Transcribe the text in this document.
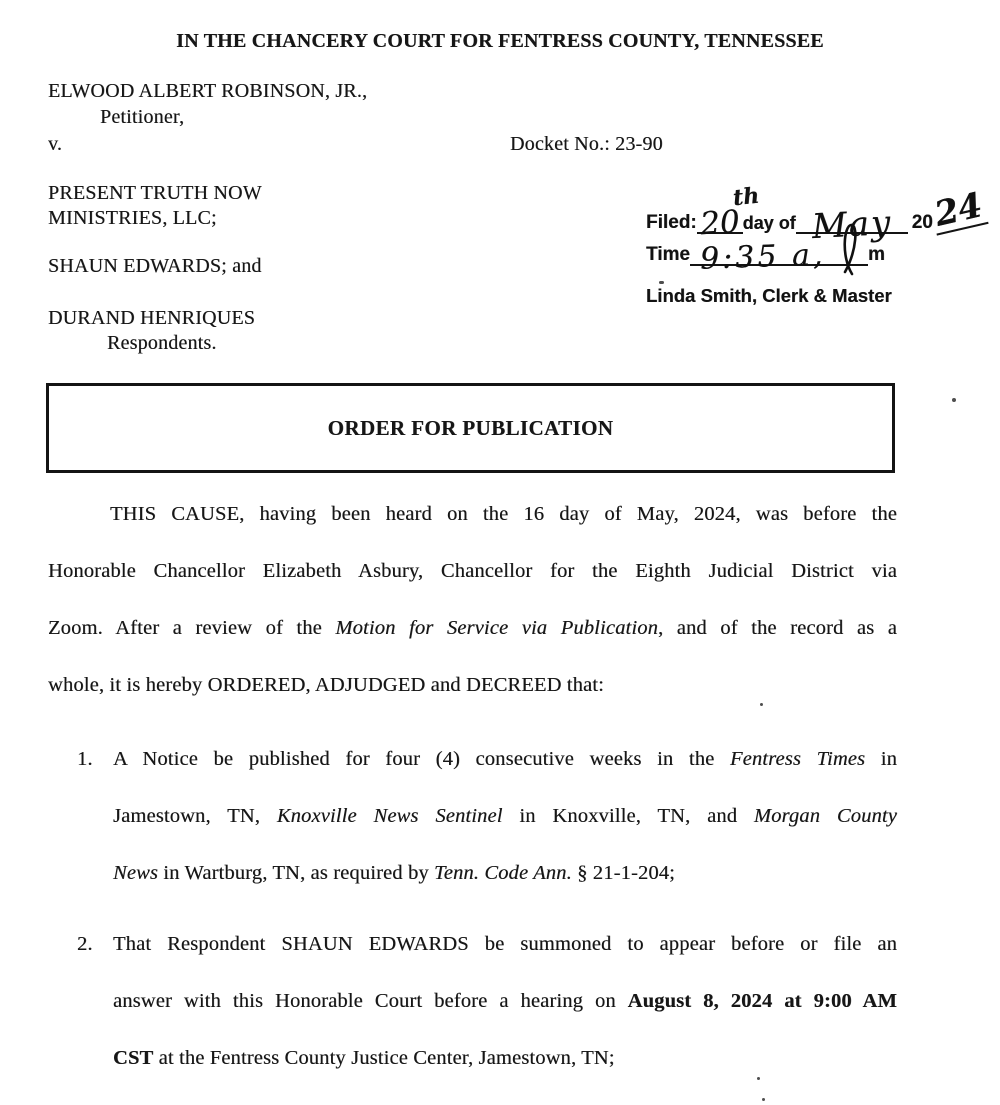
IN THE CHANCERY COURT FOR FENTRESS COUNTY, TENNESSEE
ELWOOD ALBERT ROBINSON, JR.,
Petitioner,
v.	Docket No.: 23-90
PRESENT TRUTH NOW
MINISTRIES, LLC;
SHAUN EDWARDS; and
DURAND HENRIQUES
Respondents.
Filed: 20
th
day of May 20
24
Time 9:35 a,	m
Linda Smith, Clerk & Master
ORDER FOR PUBLICATION
THIS CAUSE, having been heard on the 16 day of May, 2024, was before the
Honorable Chancellor Elizabeth Asbury, Chancellor for the Eighth Judicial District via
Zoom. After a review of the Motion for Service via Publication, and of the record as a
whole, it is hereby ORDERED, ADJUDGED and DECREED that:
1. A Notice be published for four (4) consecutive weeks in the Fentress Times in
Jamestown, TN, Knoxville News Sentinel in Knoxville, TN, and Morgan County
News in Wartburg, TN, as required by Tenn. Code Ann. § 21-1-204;
2. That Respondent SHAUN EDWARDS be summoned to appear before or file an
answer with this Honorable Court before a hearing on August 8, 2024 at 9:00 AM
CST at the Fentress County Justice Center, Jamestown, TN;
